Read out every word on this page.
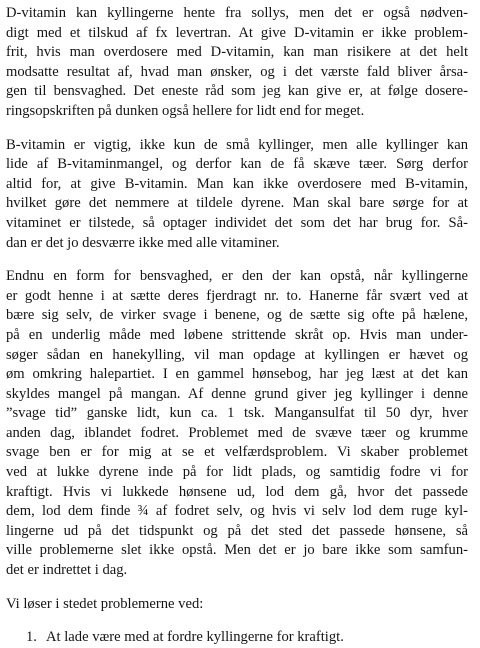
D-vitamin kan kyllingerne hente fra sollys, men det er også nødven-
digt med et tilskud af fx levertran. At give D-vitamin er ikke problem-
frit, hvis man overdosere med D-vitamin, kan man risikere at det helt
modsatte resultat af, hvad man ønsker, og i det værste fald bliver årsa-
gen til bensvaghed. Det eneste råd som jeg kan give er, at følge dosere-
ringsopskriften på dunken også hellere for lidt end for meget.
B-vitamin er vigtig, ikke kun de små kyllinger, men alle kyllinger kan
lide af B-vitaminmangel, og derfor kan de få skæve tæer. Sørg derfor
altid for, at give B-vitamin. Man kan ikke overdosere med B-vitamin,
hvilket gøre det nemmere at tildele dyrene. Man skal bare sørge for at
vitaminet er tilstede, så optager individet det som det har brug for. Så-
dan er det jo desværre ikke med alle vitaminer.
Endnu en form for bensvaghed, er den der kan opstå, når kyllingerne
er godt henne i at sætte deres fjerdragt nr. to. Hanerne får svært ved at
bære sig selv, de virker svage i benene, og de sætte sig ofte på hælene,
på en underlig måde med løbene strittende skråt op. Hvis man under-
søger sådan en hanekylling, vil man opdage at kyllingen er hævet og
øm omkring halepartiet. I en gammel hønsebog, har jeg læst at det kan
skyldes mangel på mangan. Af denne grund giver jeg kyllinger i denne
”svage tid” ganske lidt, kun ca. 1 tsk. Mangansulfat til 50 dyr, hver
anden dag, iblandet fodret. Problemet med de svæve tæer og krumme
svage ben er for mig at se et velfærdsproblem. Vi skaber problemet
ved at lukke dyrene inde på for lidt plads, og samtidig fodre vi for
kraftigt. Hvis vi lukkede hønsene ud, lod dem gå, hvor det passede
dem, lod dem finde ¾ af fodret selv, og hvis vi selv lod dem ruge kyl-
lingerne ud på det tidspunkt og på det sted det passede hønsene, så
ville problemerne slet ikke opstå. Men det er jo bare ikke som samfun-
det er indrettet i dag.
Vi løser i stedet problemerne ved:
1. At lade være med at fordre kyllingerne for kraftigt.
